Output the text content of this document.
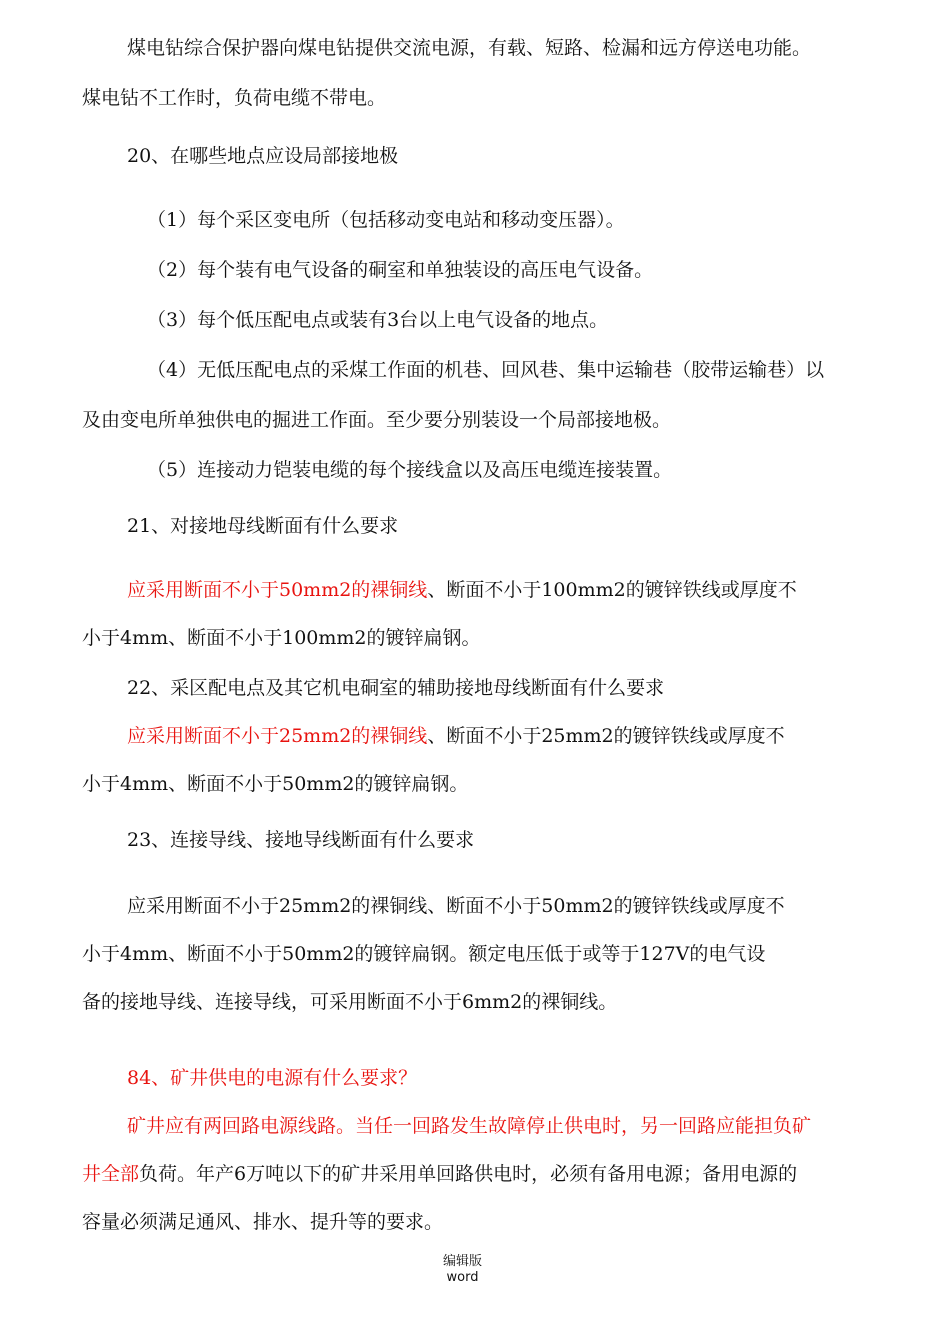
煤电钻综合保护器向煤电钻提供交流电源，有载、短路、检漏和远方停送电功能。
煤电钻不工作时，负荷电缆不带电。
20、在哪些地点应设局部接地极
（1）每个采区变电所（包括移动变电站和移动变压器）。
（2）每个装有电气设备的硐室和单独装设的高压电气设备。
（3）每个低压配电点或装有3台以上电气设备的地点。
（4）无低压配电点的采煤工作面的机巷、回风巷、集中运输巷（胶带运输巷）以
及由变电所单独供电的掘进工作面。至少要分别装设一个局部接地极。
（5）连接动力铠装电缆的每个接线盒以及高压电缆连接装置。
21、对接地母线断面有什么要求
应采用断面不小于50mm2的裸铜线、断面不小于100mm2的镀锌铁线或厚度不
小于4mm、断面不小于100mm2的镀锌扁钢。
22、采区配电点及其它机电硐室的辅助接地母线断面有什么要求
应采用断面不小于25mm2的裸铜线、断面不小于25mm2的镀锌铁线或厚度不
小于4mm、断面不小于50mm2的镀锌扁钢。
23、连接导线、接地导线断面有什么要求
应采用断面不小于25mm2的裸铜线、断面不小于50mm2的镀锌铁线或厚度不
小于4mm、断面不小于50mm2的镀锌扁钢。额定电压低于或等于127V的电气设
备的接地导线、连接导线，可采用断面不小于6mm2的裸铜线。
84、矿井供电的电源有什么要求？
矿井应有两回路电源线路。当任一回路发生故障停止供电时，另一回路应能担负矿
井全部负荷。年产6万吨以下的矿井采用单回路供电时，必须有备用电源；备用电源的
容量必须满足通风、排水、提升等的要求。
编辑版
word
